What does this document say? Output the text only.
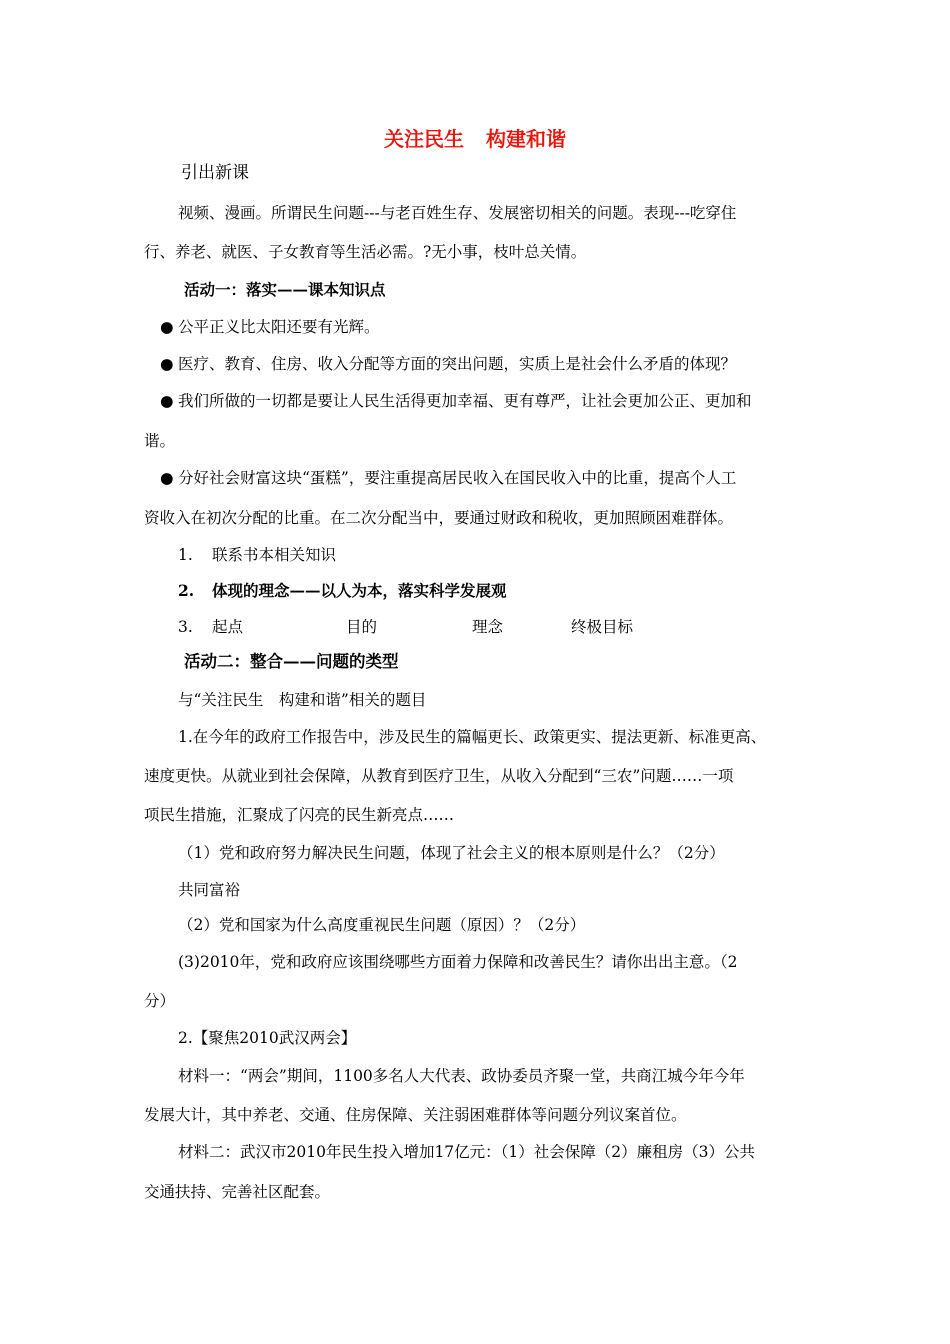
关注民生 构建和谐
引出新课
视频、漫画。所谓民生问题---与老百姓生存、发展密切相关的问题。表现---吃穿住
行、养老、就医、子女教育等生活必需。?无小事，枝叶总关情。
活动一：落实——课本知识点
● 公平正义比太阳还要有光辉。
● 医疗、教育、住房、收入分配等方面的突出问题，实质上是社会什么矛盾的体现？
● 我们所做的一切都是要让人民生活得更加幸福、更有尊严，让社会更加公正、更加和
谐。
● 分好社会财富这块“蛋糕”，要注重提高居民收入在国民收入中的比重，提高个人工
资收入在初次分配的比重。在二次分配当中，要通过财政和税收，更加照顾困难群体。
1. 联系书本相关知识
2. 体现的理念——以人为本，落实科学发展观
3. 起点	目的	理念	终极目标
活动二：整合——问题的类型
与“关注民生　构建和谐”相关的题目
1.在今年的政府工作报告中，涉及民生的篇幅更长、政策更实、提法更新、标准更高、
速度更快。从就业到社会保障，从教育到医疗卫生，从收入分配到“三农”问题……一项
项民生措施，汇聚成了闪亮的民生新亮点……
（1）党和政府努力解决民生问题，体现了社会主义的根本原则是什么？（2分）
共同富裕
（2）党和国家为什么高度重视民生问题（原因）？（2分）
(3)2010年，党和政府应该围绕哪些方面着力保障和改善民生？请你出出主意。（2
分）
2.【聚焦2010武汉两会】
材料一：“两会”期间，1100多名人大代表、政协委员齐聚一堂，共商江城今年今年
发展大计，其中养老、交通、住房保障、关注弱困难群体等问题分列议案首位。
材料二：武汉市2010年民生投入增加17亿元：（1）社会保障（2）廉租房（3）公共
交通扶持、完善社区配套。
